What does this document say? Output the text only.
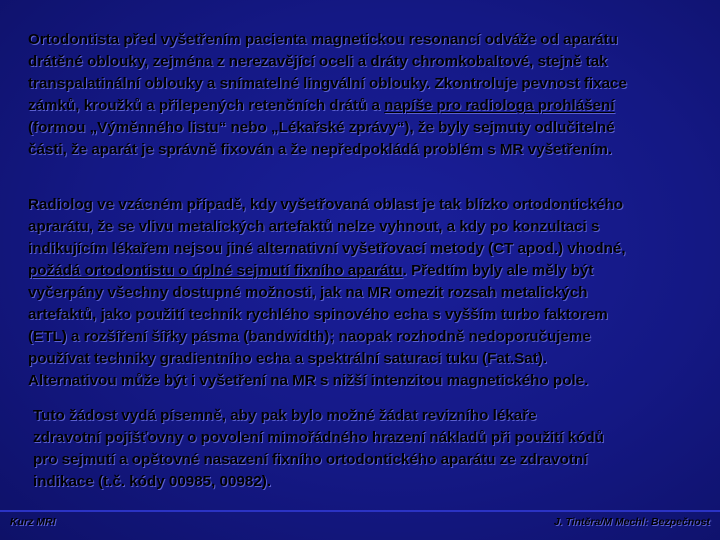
Ortodontista před vyšetřením pacienta magnetickou resonancí odváže od aparátu
drátěné oblouky, zejména z nerezavějící oceli a dráty chromkobaltové, stejně tak
transpalatinální oblouky a snímatelné lingvální oblouky. Zkontroluje pevnost fixace
zámků, kroužků a přilepených retenčních drátů a napíše pro radiologa prohlášení
(formou „Výměnného listu“ nebo „Lékařské zprávy“), že byly sejmuty odlučitelné
části, že aparát je správně fixován a že nepředpokládá problém s MR vyšetřením.
Radiolog ve vzácném případě, kdy vyšetřovaná oblast je tak blízko ortodontického
aprarátu, že se vlivu metalických artefaktů nelze vyhnout, a kdy po konzultaci s
indikujícím lékařem nejsou jiné alternativní vyšetřovací metody (CT apod.) vhodné,
požádá ortodontistu o úplné sejmutí fixního aparátu. Předtím byly ale měly být
vyčerpány všechny dostupné možnosti, jak na MR omezit rozsah metalických
artefaktů, jako použití technik rychlého spinového echa s vyšším turbo faktorem
(ETL) a rozšíření šířky pásma (bandwidth); naopak rozhodně nedoporučujeme
používat techniky gradientního echa a spektrální saturaci tuku (Fat.Sat).
Alternativou může být i vyšetření na MR s nižší intenzitou magnetického pole.
Tuto žádost vydá písemně, aby pak bylo možné žádat revizního lékaře
zdravotní pojišťovny o povolení mimořádného hrazení nákladů při použití kódů
pro sejmutí a opětovné nasazení fixního ortodontického aparátu ze zdravotní
indikace (t.č. kódy 00985, 00982).
Kurz MRI	J. Tintěra/M Mechl: Bezpečnost
